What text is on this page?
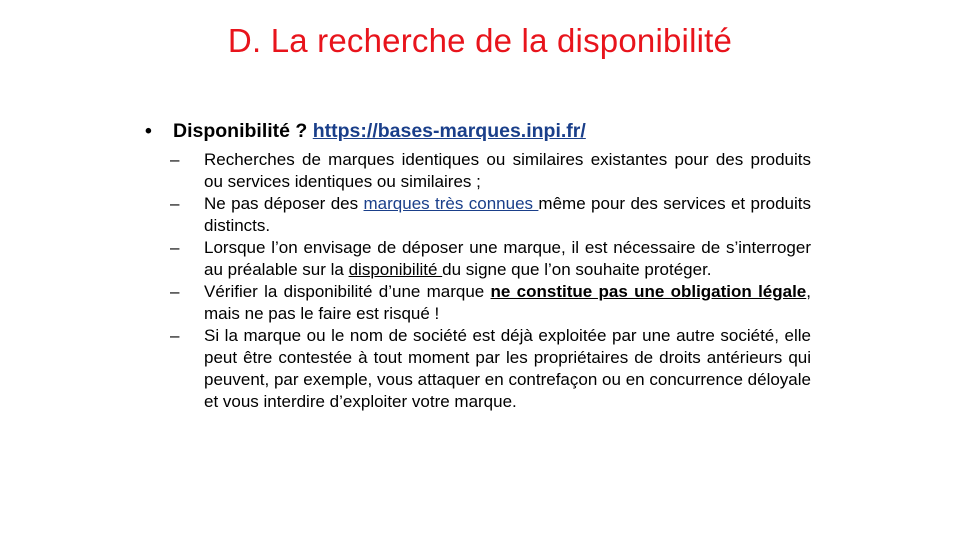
D. La recherche de la disponibilité
•	Disponibilité ? https://bases-marques.inpi.fr/
–	Recherches de marques identiques ou similaires existantes pour des produits ou services identiques ou similaires ;
–	Ne pas déposer des marques très connues même pour des services et produits distincts.
–	Lorsque l’on envisage de déposer une marque, il est nécessaire de s’interroger au préalable sur la disponibilité du signe que l’on souhaite protéger.
–	Vérifier la disponibilité d’une marque ne constitue pas une obligation légale, mais ne pas le faire est risqué !
–	Si la marque ou le nom de société est déjà exploitée par une autre société, elle peut être contestée à tout moment par les propriétaires de droits antérieurs qui peuvent, par exemple, vous attaquer en contrefaçon ou en concurrence déloyale et vous interdire d’exploiter votre marque.
